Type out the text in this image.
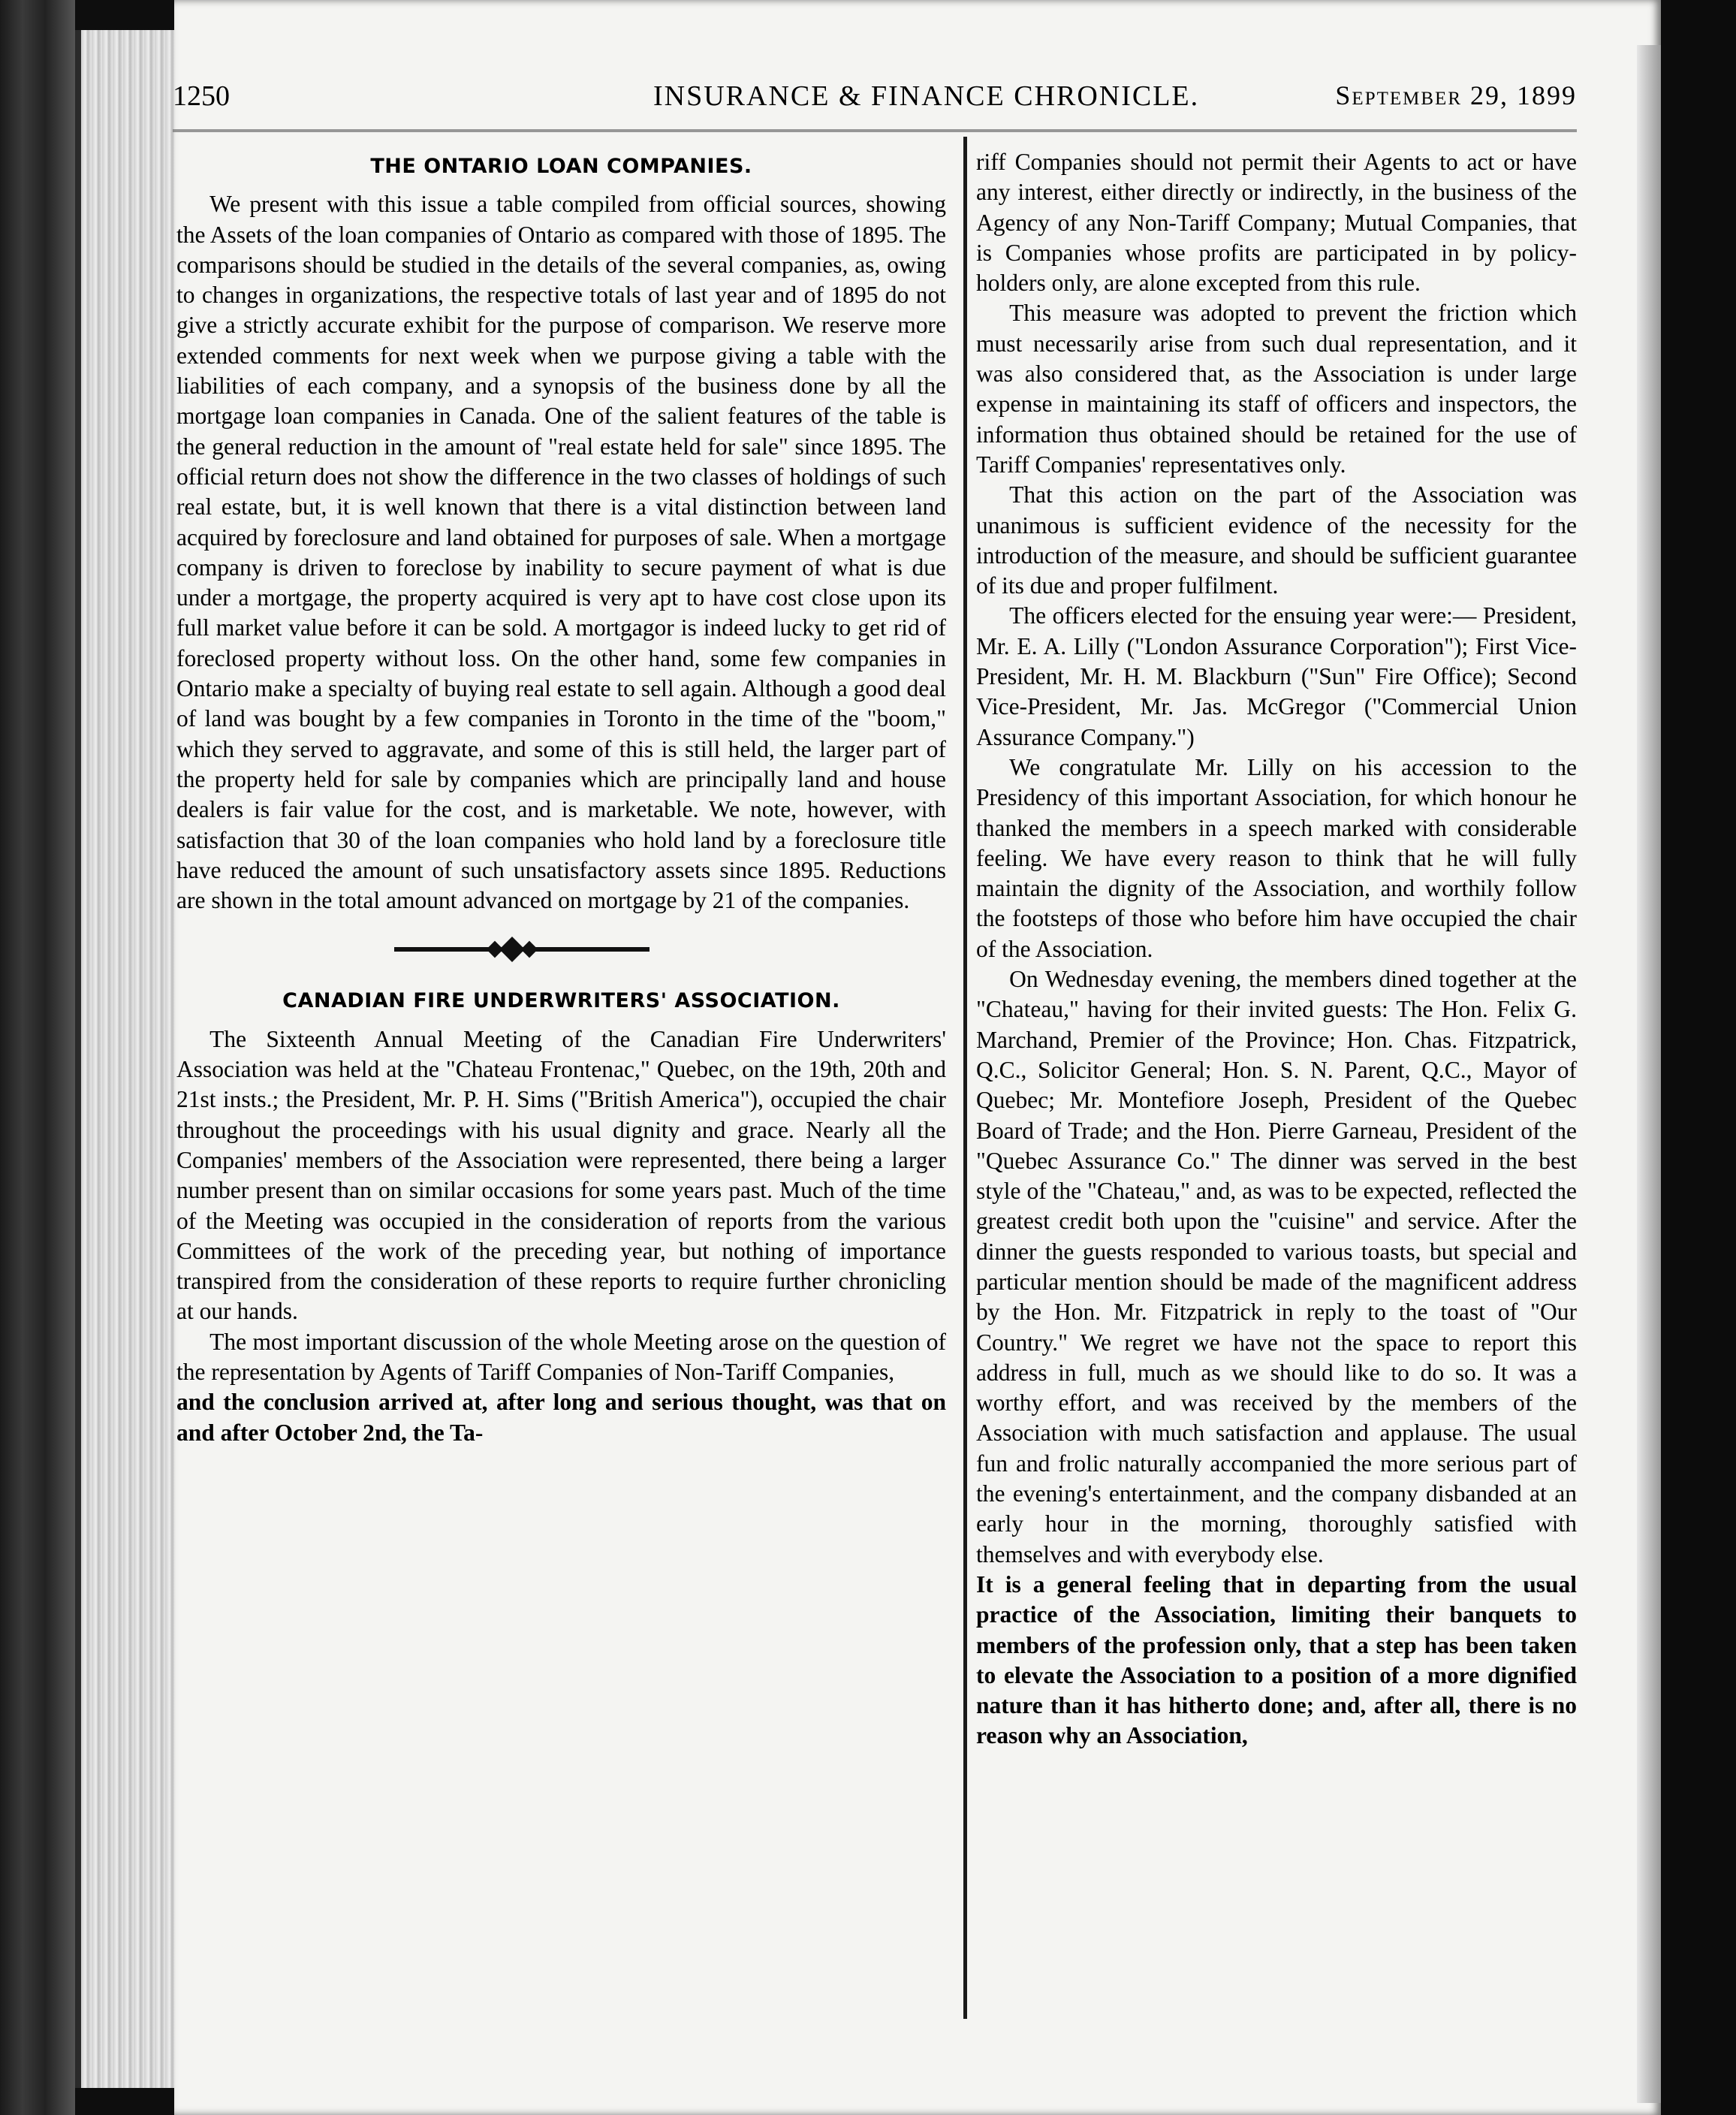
1250	INSURANCE & FINANCE CHRONICLE.	September 29, 1899
THE ONTARIO LOAN COMPANIES.

We present with this issue a table compiled from official sources, showing the Assets of the loan companies of Ontario as compared with those of 1895. The comparisons should be studied in the details of the several companies, as, owing to changes in organizations, the respective totals of last year and of 1895 do not give a strictly accurate exhibit for the purpose of comparison. We reserve more extended comments for next week when we purpose giving a table with the liabilities of each company, and a synopsis of the business done by all the mortgage loan companies in Canada. One of the salient features of the table is the general reduction in the amount of "real estate held for sale" since 1895. The official return does not show the difference in the two classes of holdings of such real estate, but, it is well known that there is a vital distinction between land acquired by foreclosure and land obtained for purposes of sale. When a mortgage company is driven to foreclose by inability to secure payment of what is due under a mortgage, the property acquired is very apt to have cost close upon its full market value before it can be sold. A mortgagor is indeed lucky to get rid of foreclosed property without loss. On the other hand, some few companies in Ontario make a specialty of buying real estate to sell again. Although a good deal of land was bought by a few companies in Toronto in the time of the "boom," which they served to aggravate, and some of this is still held, the larger part of the property held for sale by companies which are principally land and house dealers is fair value for the cost, and is marketable. We note, however, with satisfaction that 30 of the loan companies who hold land by a foreclosure title have reduced the amount of such unsatisfactory assets since 1895. Reductions are shown in the total amount advanced on mortgage by 21 of the companies.

CANADIAN FIRE UNDERWRITERS' ASSOCIATION.

The Sixteenth Annual Meeting of the Canadian Fire Underwriters' Association was held at the "Chateau Frontenac," Quebec, on the 19th, 20th and 21st insts.; the President, Mr. P. H. Sims ("British America"), occupied the chair throughout the proceedings with his usual dignity and grace. Nearly all the Companies' members of the Association were represented, there being a larger number present than on similar occasions for some years past. Much of the time of the Meeting was occupied in the consideration of reports from the various Committees of the work of the preceding year, but nothing of importance transpired from the consideration of these reports to require further chronicling at our hands.

The most important discussion of the whole Meeting arose on the question of the representation by Agents of Tariff Companies of Non-Tariff Companies,

and the conclusion arrived at, after long and serious thought, was that on and after October 2nd, the Ta-

riff Companies should not permit their Agents to act or have any interest, either directly or indirectly, in the business of the Agency of any Non-Tariff Company; Mutual Companies, that is Companies whose profits are participated in by policy-holders only, are alone excepted from this rule.

This measure was adopted to prevent the friction which must necessarily arise from such dual representation, and it was also considered that, as the Association is under large expense in maintaining its staff of officers and inspectors, the information thus obtained should be retained for the use of Tariff Companies' representatives only.

That this action on the part of the Association was unanimous is sufficient evidence of the necessity for the introduction of the measure, and should be sufficient guarantee of its due and proper fulfilment.

The officers elected for the ensuing year were:— President, Mr. E. A. Lilly ("London Assurance Corporation"); First Vice-President, Mr. H. M. Blackburn ("Sun" Fire Office); Second Vice-President, Mr. Jas. McGregor ("Commercial Union Assurance Company.")

We congratulate Mr. Lilly on his accession to the Presidency of this important Association, for which honour he thanked the members in a speech marked with considerable feeling. We have every reason to think that he will fully maintain the dignity of the Association, and worthily follow the footsteps of those who before him have occupied the chair of the Association.

On Wednesday evening, the members dined together at the "Chateau," having for their invited guests: The Hon. Felix G. Marchand, Premier of the Province; Hon. Chas. Fitzpatrick, Q.C., Solicitor General; Hon. S. N. Parent, Q.C., Mayor of Quebec; Mr. Montefiore Joseph, President of the Quebec Board of Trade; and the Hon. Pierre Garneau, President of the "Quebec Assurance Co." The dinner was served in the best style of the "Chateau," and, as was to be expected, reflected the greatest credit both upon the "cuisine" and service. After the dinner the guests responded to various toasts, but special and particular mention should be made of the magnificent address by the Hon. Mr. Fitzpatrick in reply to the toast of "Our Country." We regret we have not the space to report this address in full, much as we should like to do so. It was a worthy effort, and was received by the members of the Association with much satisfaction and applause. The usual fun and frolic naturally accompanied the more serious part of the evening's entertainment, and the company disbanded at an early hour in the morning, thoroughly satisfied with themselves and with everybody else.

It is a general feeling that in departing from the usual practice of the Association, limiting their banquets to members of the profession only, that a step has been taken to elevate the Association to a position of a more dignified nature than it has hitherto done; and, after all, there is no reason why an Association,
